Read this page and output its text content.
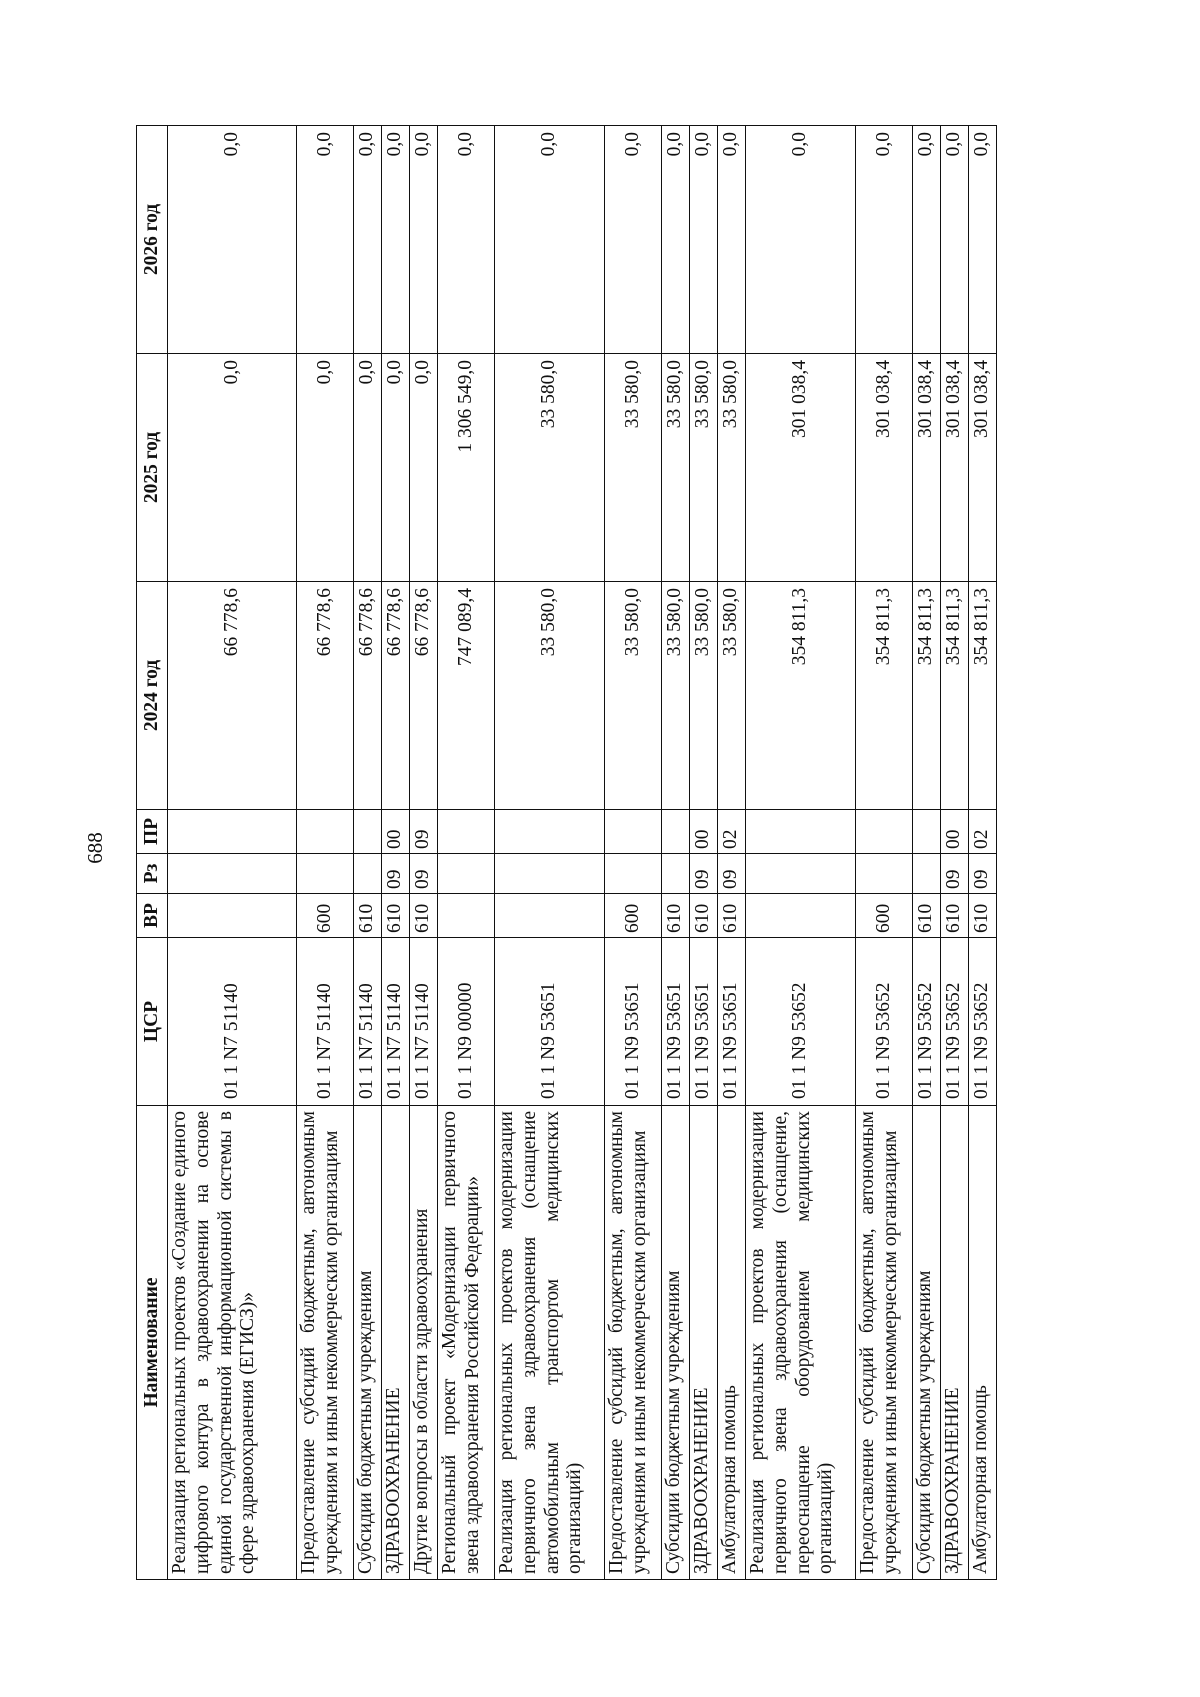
688
Наименование	ЦСР	ВР	Рз	ПР	2024 год	2025 год	2026 год
Реализация региональных проектов «Создание единого цифрового контура в здравоохранении на основе единой государственной информационной системы в сфере здравоохранения (ЕГИСЗ)»	01 1 N7 51140				66 778,6	0,0	0,0
Предоставление субсидий бюджетным, автономным учреждениям и иным некоммерческим организациям	01 1 N7 51140	600			66 778,6	0,0	0,0
Субсидии бюджетным учреждениям	01 1 N7 51140	610			66 778,6	0,0	0,0
ЗДРАВООХРАНЕНИЕ	01 1 N7 51140	610	09	00	66 778,6	0,0	0,0
Другие вопросы в области здравоохранения	01 1 N7 51140	610	09	09	66 778,6	0,0	0,0
Региональный проект «Модернизации первичного звена здравоохранения Российской Федерации»	01 1 N9 00000				747 089,4	1 306 549,0	0,0
Реализация региональных проектов модернизации первичного звена здравоохранения (оснащение автомобильным транспортом медицинских организаций)	01 1 N9 53651				33 580,0	33 580,0	0,0
Предоставление субсидий бюджетным, автономным учреждениям и иным некоммерческим организациям	01 1 N9 53651	600			33 580,0	33 580,0	0,0
Субсидии бюджетным учреждениям	01 1 N9 53651	610			33 580,0	33 580,0	0,0
ЗДРАВООХРАНЕНИЕ	01 1 N9 53651	610	09	00	33 580,0	33 580,0	0,0
Амбулаторная помощь	01 1 N9 53651	610	09	02	33 580,0	33 580,0	0,0
Реализация региональных проектов модернизации первичного звена здравоохранения (оснащение, переоснащение оборудованием медицинских организаций)	01 1 N9 53652				354 811,3	301 038,4	0,0
Предоставление субсидий бюджетным, автономным учреждениям и иным некоммерческим организациям	01 1 N9 53652	600			354 811,3	301 038,4	0,0
Субсидии бюджетным учреждениям	01 1 N9 53652	610			354 811,3	301 038,4	0,0
ЗДРАВООХРАНЕНИЕ	01 1 N9 53652	610	09	00	354 811,3	301 038,4	0,0
Амбулаторная помощь	01 1 N9 53652	610	09	02	354 811,3	301 038,4	0,0
